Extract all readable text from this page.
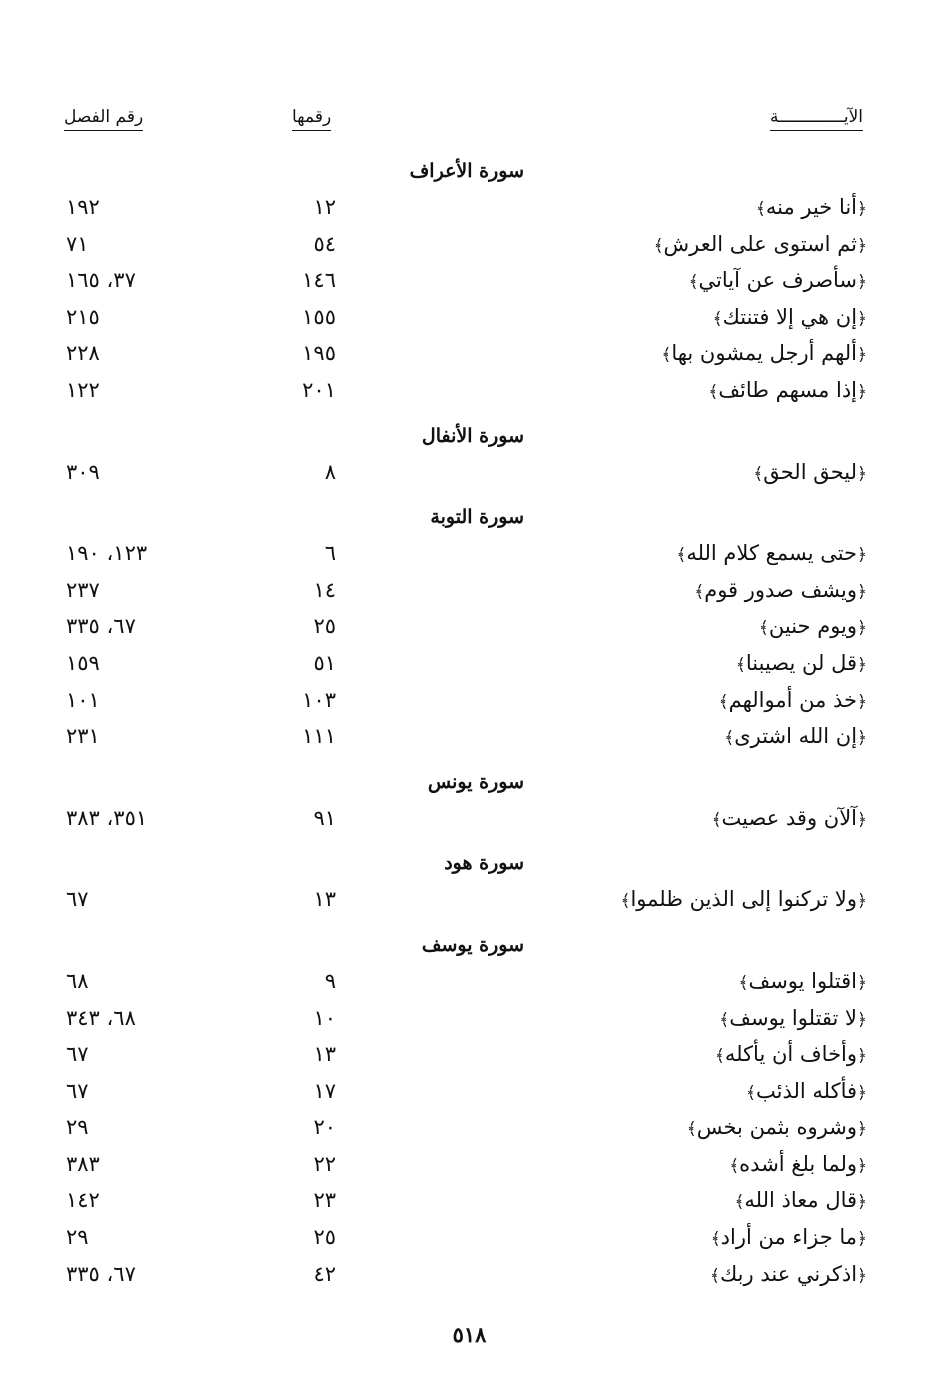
الآيـــــــــــــة
رقمها
رقم الفصل
سورة الأعراف
﴿أنا خير منه﴾
١٢
١٩٢
﴿ثم استوى على العرش﴾
٥٤
٧١
﴿سأصرف عن آياتي﴾
١٤٦
٣٧، ١٦٥
﴿إن هي إلا فتنتك﴾
١٥٥
٢١٥
﴿ألهم أرجل يمشون بها﴾
١٩٥
٢٢٨
﴿إذا مسهم طائف﴾
٢٠١
١٢٢
سورة الأنفال
﴿ليحق الحق﴾
٨
٣٠٩
سورة التوبة
﴿حتى يسمع كلام الله﴾
٦
١٢٣، ١٩٠
﴿ويشف صدور قوم﴾
١٤
٢٣٧
﴿ويوم حنين﴾
٢٥
٦٧، ٣٣٥
﴿قل لن يصيبنا﴾
٥١
١٥٩
﴿خذ من أموالهم﴾
١٠٣
١٠١
﴿إن الله اشترى﴾
١١١
٢٣١
سورة يونس
﴿آلآن وقد عصيت﴾
٩١
٣٥١، ٣٨٣
سورة هود
﴿ولا تركنوا إلى الذين ظلموا﴾
١٣
٦٧
سورة يوسف
﴿اقتلوا يوسف﴾
٩
٦٨
﴿لا تقتلوا يوسف﴾
١٠
٦٨، ٣٤٣
﴿وأخاف أن يأكله﴾
١٣
٦٧
﴿فأكله الذئب﴾
١٧
٦٧
﴿وشروه بثمن بخس﴾
٢٠
٢٩
﴿ولما بلغ أشده﴾
٢٢
٣٨٣
﴿قال معاذ الله﴾
٢٣
١٤٢
﴿ما جزاء من أراد﴾
٢٥
٢٩
﴿اذكرني عند ربك﴾
٤٢
٦٧، ٣٣٥
٥١٨
